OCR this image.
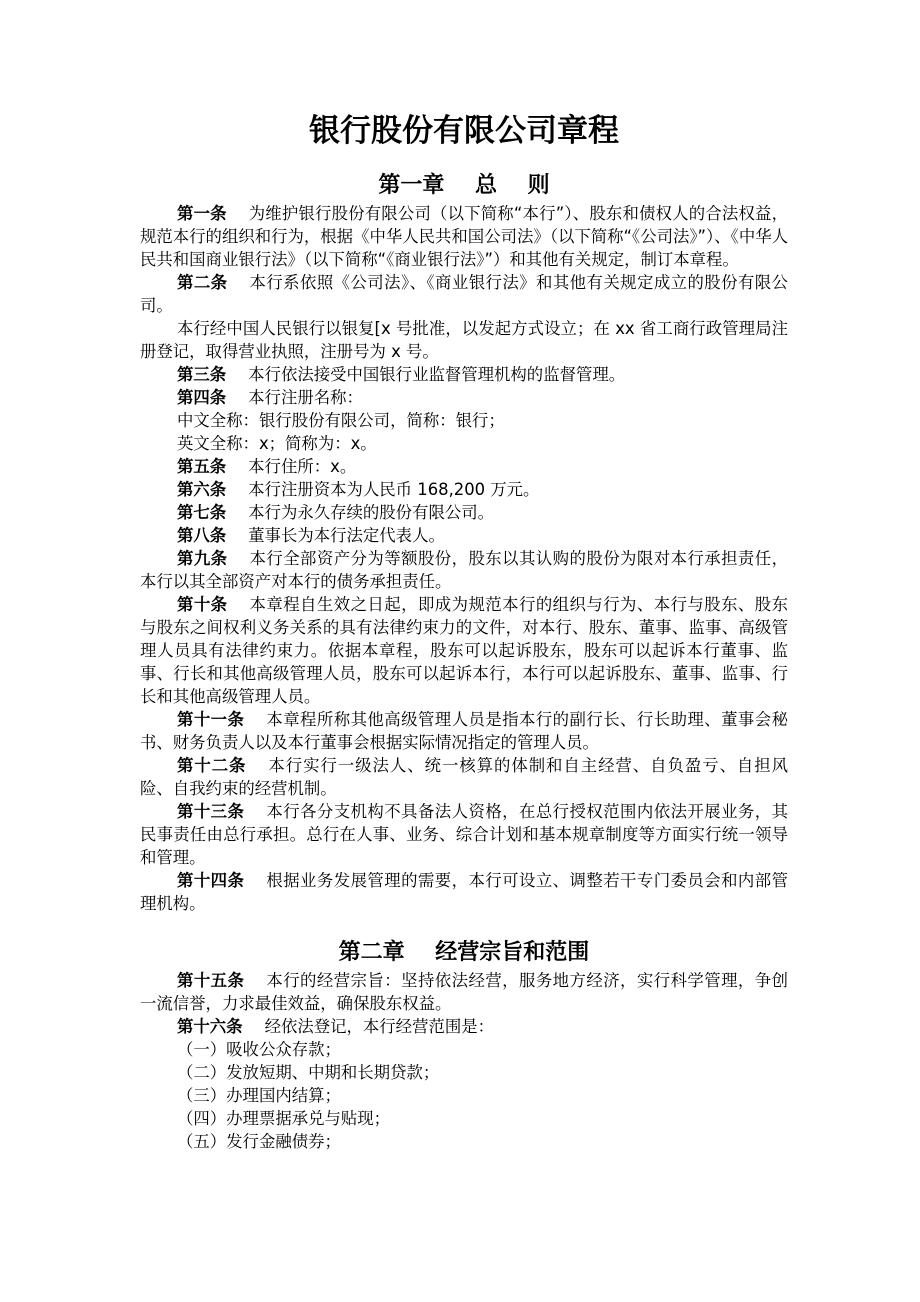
银行股份有限公司章程
第一章    总    则

第一条 为维护银行股份有限公司（以下简称“本行”）、股东和债权人的合法权益，规范本行的组织和行为，根据《中华人民共和国公司法》（以下简称“《公司法》”）、《中华人民共和国商业银行法》（以下简称“《商业银行法》”）和其他有关规定，制订本章程。

第二条 本行系依照《公司法》、《商业银行法》和其他有关规定成立的股份有限公司。

本行经中国人民银行以银复[x 号批准，以发起方式设立；在 xx 省工商行政管理局注册登记，取得营业执照，注册号为 x 号。

第三条 本行依法接受中国银行业监督管理机构的监督管理。

第四条 本行注册名称：

中文全称：银行股份有限公司，简称：银行；

英文全称：x；简称为：x。

第五条 本行住所：x。

第六条 本行注册资本为人民币 168,200 万元。

第七条 本行为永久存续的股份有限公司。

第八条 董事长为本行法定代表人。

第九条 本行全部资产分为等额股份，股东以其认购的股份为限对本行承担责任，本行以其全部资产对本行的债务承担责任。

第十条 本章程自生效之日起，即成为规范本行的组织与行为、本行与股东、股东与股东之间权利义务关系的具有法律约束力的文件，对本行、股东、董事、监事、高级管理人员具有法律约束力。依据本章程，股东可以起诉股东，股东可以起诉本行董事、监事、行长和其他高级管理人员，股东可以起诉本行，本行可以起诉股东、董事、监事、行长和其他高级管理人员。

第十一条 本章程所称其他高级管理人员是指本行的副行长、行长助理、董事会秘书、财务负责人以及本行董事会根据实际情况指定的管理人员。

第十二条 本行实行一级法人、统一核算的体制和自主经营、自负盈亏、自担风险、自我约束的经营机制。

第十三条 本行各分支机构不具备法人资格，在总行授权范围内依法开展业务，其民事责任由总行承担。总行在人事、业务、综合计划和基本规章制度等方面实行统一领导和管理。

第十四条 根据业务发展管理的需要，本行可设立、调整若干专门委员会和内部管理机构。

第二章    经营宗旨和范围

第十五条 本行的经营宗旨：坚持依法经营，服务地方经济，实行科学管理，争创一流信誉，力求最佳效益，确保股东权益。

第十六条 经依法登记，本行经营范围是：

（一）吸收公众存款；
（二）发放短期、中期和长期贷款；
（三）办理国内结算；
（四）办理票据承兑与贴现；
（五）发行金融债券；
